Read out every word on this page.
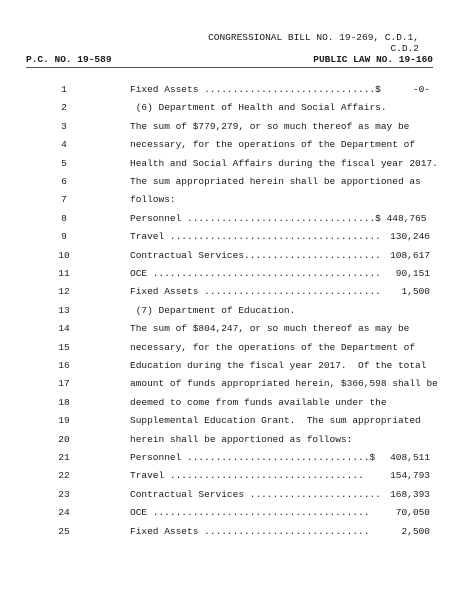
CONGRESSIONAL BILL NO. 19-269, C.D.1,
C.D.2
P.C. NO. 19-589	PUBLIC LAW NO. 19-160
1	Fixed Assets ..............................$	-0-
2	(6) Department of Health and Social Affairs.
3	The sum of $779,279, or so much thereof as may be
4	necessary, for the operations of the Department of
5	Health and Social Affairs during the fiscal year 2017.
6	The sum appropriated herein shall be apportioned as
7	follows:
8	Personnel .................................$ 448,765
9	Travel ..................................... 130,246
10	Contractual Services........................ 108,617
11	OCE ........................................ 90,151
12	Fixed Assets ............................... 1,500
13	(7) Department of Education.
14	The sum of $804,247, or so much thereof as may be
15	necessary, for the operations of the Department of
16	Education during the fiscal year 2017.  Of the total
17	amount of funds appropriated herein, $366,598 shall be
18	deemed to come from funds available under the
19	Supplemental Education Grant.  The sum appropriated
20	herein shall be apportioned as follows:
21	Personnel ................................$ 408,511
22	Travel ..................................	154,793
23	Contractual Services ....................... 168,393
24	OCE ......................................	70,050
25	Fixed Assets .............................	2,500
